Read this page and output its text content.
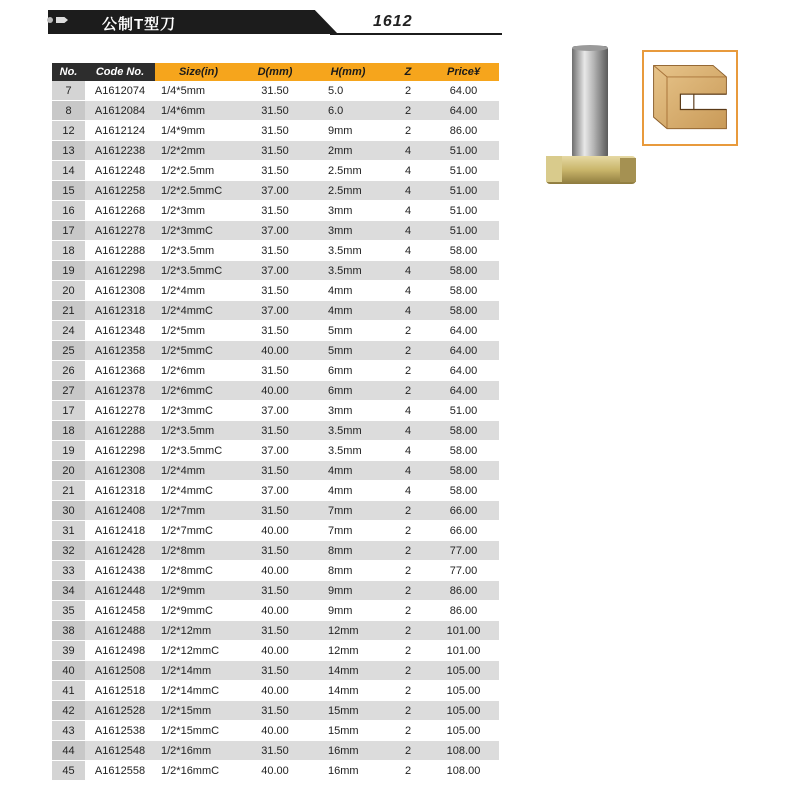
公制T型刀	1612
No.	Code No.	Size(in)	D(mm)	H(mm)	Z	Price¥
7	A1612074	1/4*5mm	31.50	5.0	2	64.00
8	A1612084	1/4*6mm	31.50	6.0	2	64.00
12	A1612124	1/4*9mm	31.50	9mm	2	86.00
13	A1612238	1/2*2mm	31.50	2mm	4	51.00
14	A1612248	1/2*2.5mm	31.50	2.5mm	4	51.00
15	A1612258	1/2*2.5mmC	37.00	2.5mm	4	51.00
16	A1612268	1/2*3mm	31.50	3mm	4	51.00
17	A1612278	1/2*3mmC	37.00	3mm	4	51.00
18	A1612288	1/2*3.5mm	31.50	3.5mm	4	58.00
19	A1612298	1/2*3.5mmC	37.00	3.5mm	4	58.00
20	A1612308	1/2*4mm	31.50	4mm	4	58.00
21	A1612318	1/2*4mmC	37.00	4mm	4	58.00
24	A1612348	1/2*5mm	31.50	5mm	2	64.00
25	A1612358	1/2*5mmC	40.00	5mm	2	64.00
26	A1612368	1/2*6mm	31.50	6mm	2	64.00
27	A1612378	1/2*6mmC	40.00	6mm	2	64.00
17	A1612278	1/2*3mmC	37.00	3mm	4	51.00
18	A1612288	1/2*3.5mm	31.50	3.5mm	4	58.00
19	A1612298	1/2*3.5mmC	37.00	3.5mm	4	58.00
20	A1612308	1/2*4mm	31.50	4mm	4	58.00
21	A1612318	1/2*4mmC	37.00	4mm	4	58.00
30	A1612408	1/2*7mm	31.50	7mm	2	66.00
31	A1612418	1/2*7mmC	40.00	7mm	2	66.00
32	A1612428	1/2*8mm	31.50	8mm	2	77.00
33	A1612438	1/2*8mmC	40.00	8mm	2	77.00
34	A1612448	1/2*9mm	31.50	9mm	2	86.00
35	A1612458	1/2*9mmC	40.00	9mm	2	86.00
38	A1612488	1/2*12mm	31.50	12mm	2	101.00
39	A1612498	1/2*12mmC	40.00	12mm	2	101.00
40	A1612508	1/2*14mm	31.50	14mm	2	105.00
41	A1612518	1/2*14mmC	40.00	14mm	2	105.00
42	A1612528	1/2*15mm	31.50	15mm	2	105.00
43	A1612538	1/2*15mmC	40.00	15mm	2	105.00
44	A1612548	1/2*16mm	31.50	16mm	2	108.00
45	A1612558	1/2*16mmC	40.00	16mm	2	108.00
